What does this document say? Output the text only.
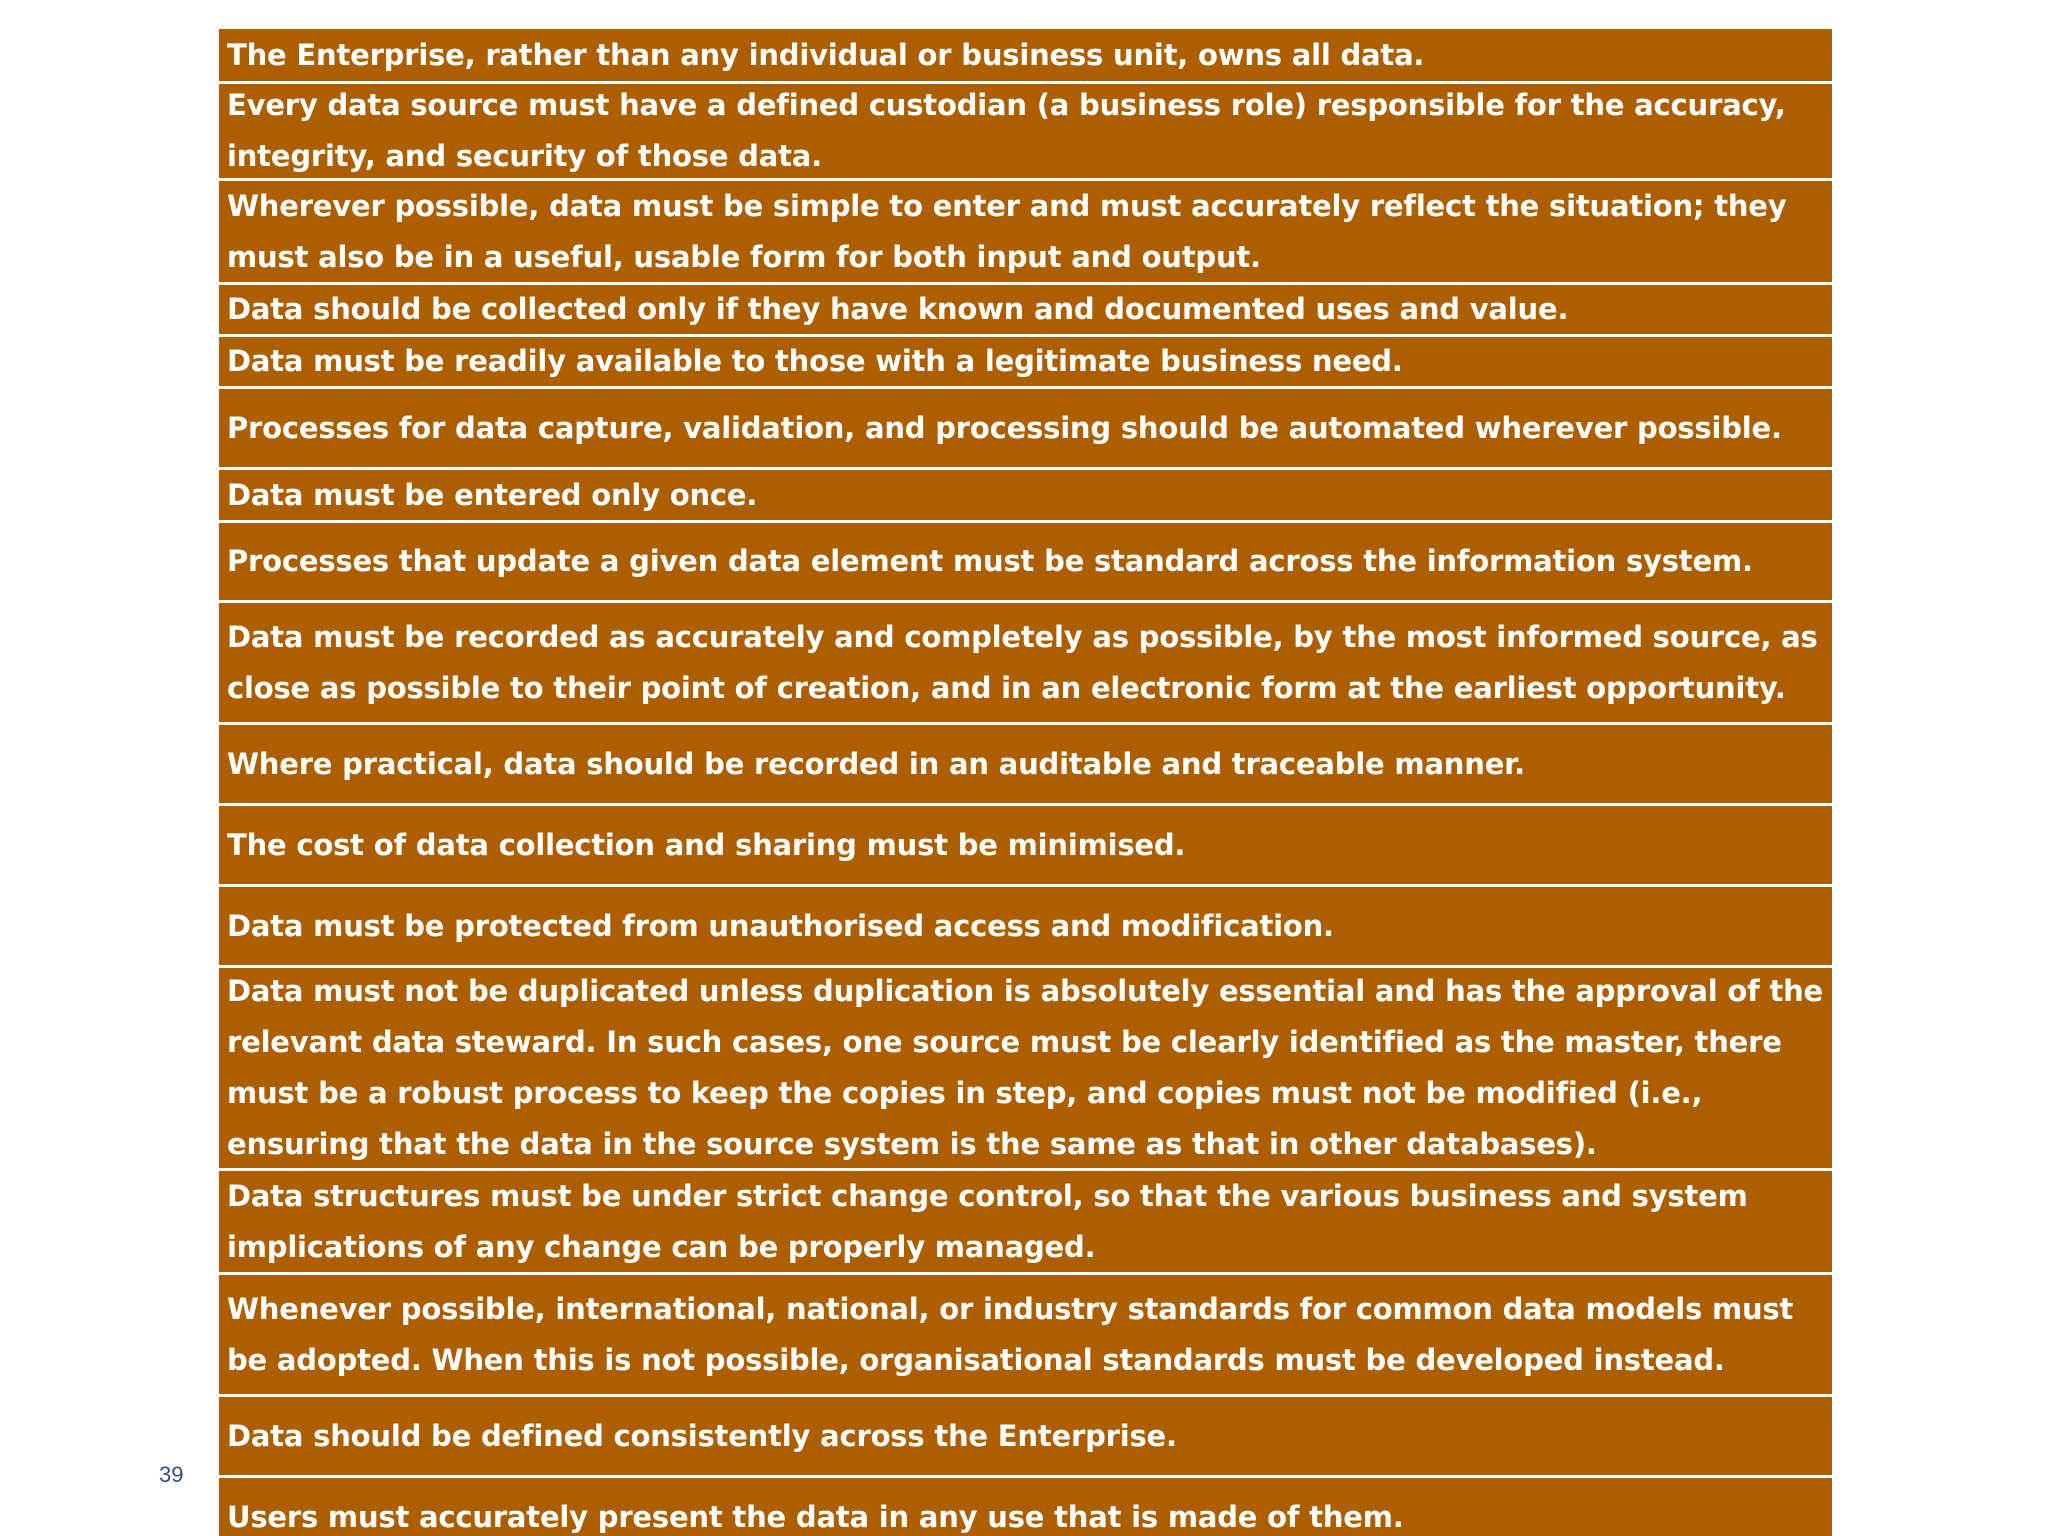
The Enterprise, rather than any individual or business unit, owns all data.
Every data source must have a defined custodian (a business role) responsible for the accuracy, integrity, and security of those data.
Wherever possible, data must be simple to enter and must accurately reflect the situation; they must also be in a useful, usable form for both input and output.
Data should be collected only if they have known and documented uses and value.
Data must be readily available to those with a legitimate business need.
Processes for data capture, validation, and processing should be automated wherever possible.
Data must be entered only once.
Processes that update a given data element must be standard across the information system.
Data must be recorded as accurately and completely as possible, by the most informed source, as close as possible to their point of creation, and in an electronic form at the earliest opportunity.
Where practical, data should be recorded in an auditable and traceable manner.
The cost of data collection and sharing must be minimised.
Data must be protected from unauthorised access and modification.
Data must not be duplicated unless duplication is absolutely essential and has the approval of the relevant data steward. In such cases, one source must be clearly identified as the master, there must be a robust process to keep the copies in step, and copies must not be modified (i.e., ensuring that the data in the source system is the same as that in other databases).
Data structures must be under strict change control, so that the various business and system implications of any change can be properly managed.
Whenever possible, international, national, or industry standards for common data models must be adopted. When this is not possible, organisational standards must be developed instead.
Data should be defined consistently across the Enterprise.
Users must accurately present the data in any use that is made of them.
39
